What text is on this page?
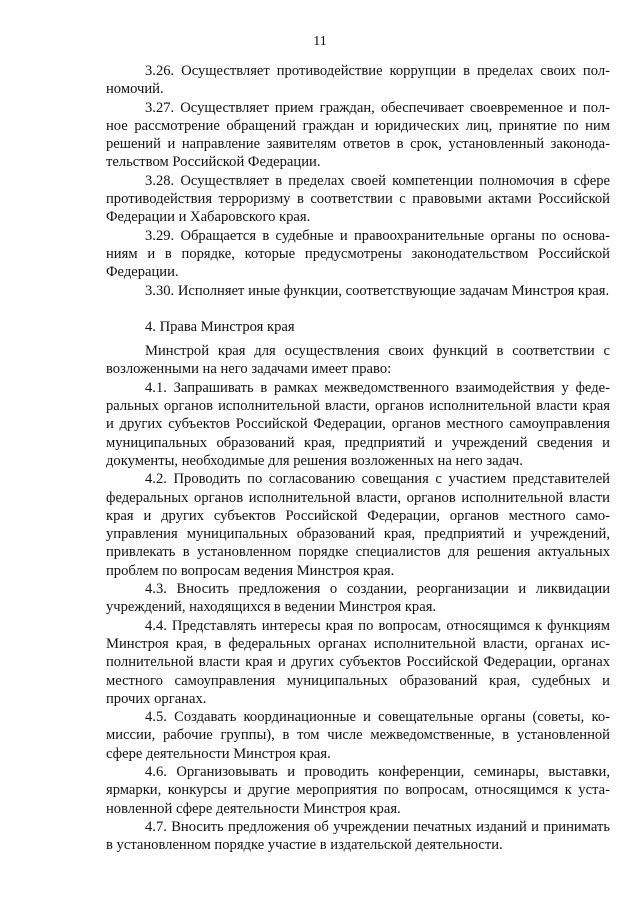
11

3.26. Осуществляет противодействие коррупции в пределах своих полномочий.

3.27. Осуществляет прием граждан, обеспечивает своевременное и полное рассмотрение обращений граждан и юридических лиц, принятие по ним решений и направление заявителям ответов в срок, установленный законодательством Российской Федерации.

3.28. Осуществляет в пределах своей компетенции полномочия в сфере противодействия терроризму в соответствии с правовыми актами Российской Федерации и Хабаровского края.

3.29. Обращается в судебные и правоохранительные органы по основаниям и в порядке, которые предусмотрены законодательством Российской Федерации.

3.30. Исполняет иные функции, соответствующие задачам Минстроя края.

4. Права Минстроя края

Минстрой края для осуществления своих функций в соответствии с возложенными на него задачами имеет право:

4.1. Запрашивать в рамках межведомственного взаимодействия у федеральных органов исполнительной власти, органов исполнительной власти края и других субъектов Российской Федерации, органов местного самоуправления муниципальных образований края, предприятий и учреждений сведения и документы, необходимые для решения возложенных на него задач.

4.2. Проводить по согласованию совещания с участием представителей федеральных органов исполнительной власти, органов исполнительной власти края и других субъектов Российской Федерации, органов местного самоуправления муниципальных образований края, предприятий и учреждений, привлекать в установленном порядке специалистов для решения актуальных проблем по вопросам ведения Минстроя края.

4.3. Вносить предложения о создании, реорганизации и ликвидации учреждений, находящихся в ведении Минстроя края.

4.4. Представлять интересы края по вопросам, относящимся к функциям Минстроя края, в федеральных органах исполнительной власти, органах исполнительной власти края и других субъектов Российской Федерации, органах местного самоуправления муниципальных образований края, судебных и прочих органах.

4.5. Создавать координационные и совещательные органы (советы, комиссии, рабочие группы), в том числе межведомственные, в установленной сфере деятельности Минстроя края.

4.6. Организовывать и проводить конференции, семинары, выставки, ярмарки, конкурсы и другие мероприятия по вопросам, относящимся к установленной сфере деятельности Минстроя края.

4.7. Вносить предложения об учреждении печатных изданий и принимать в установленном порядке участие в издательской деятельности.
